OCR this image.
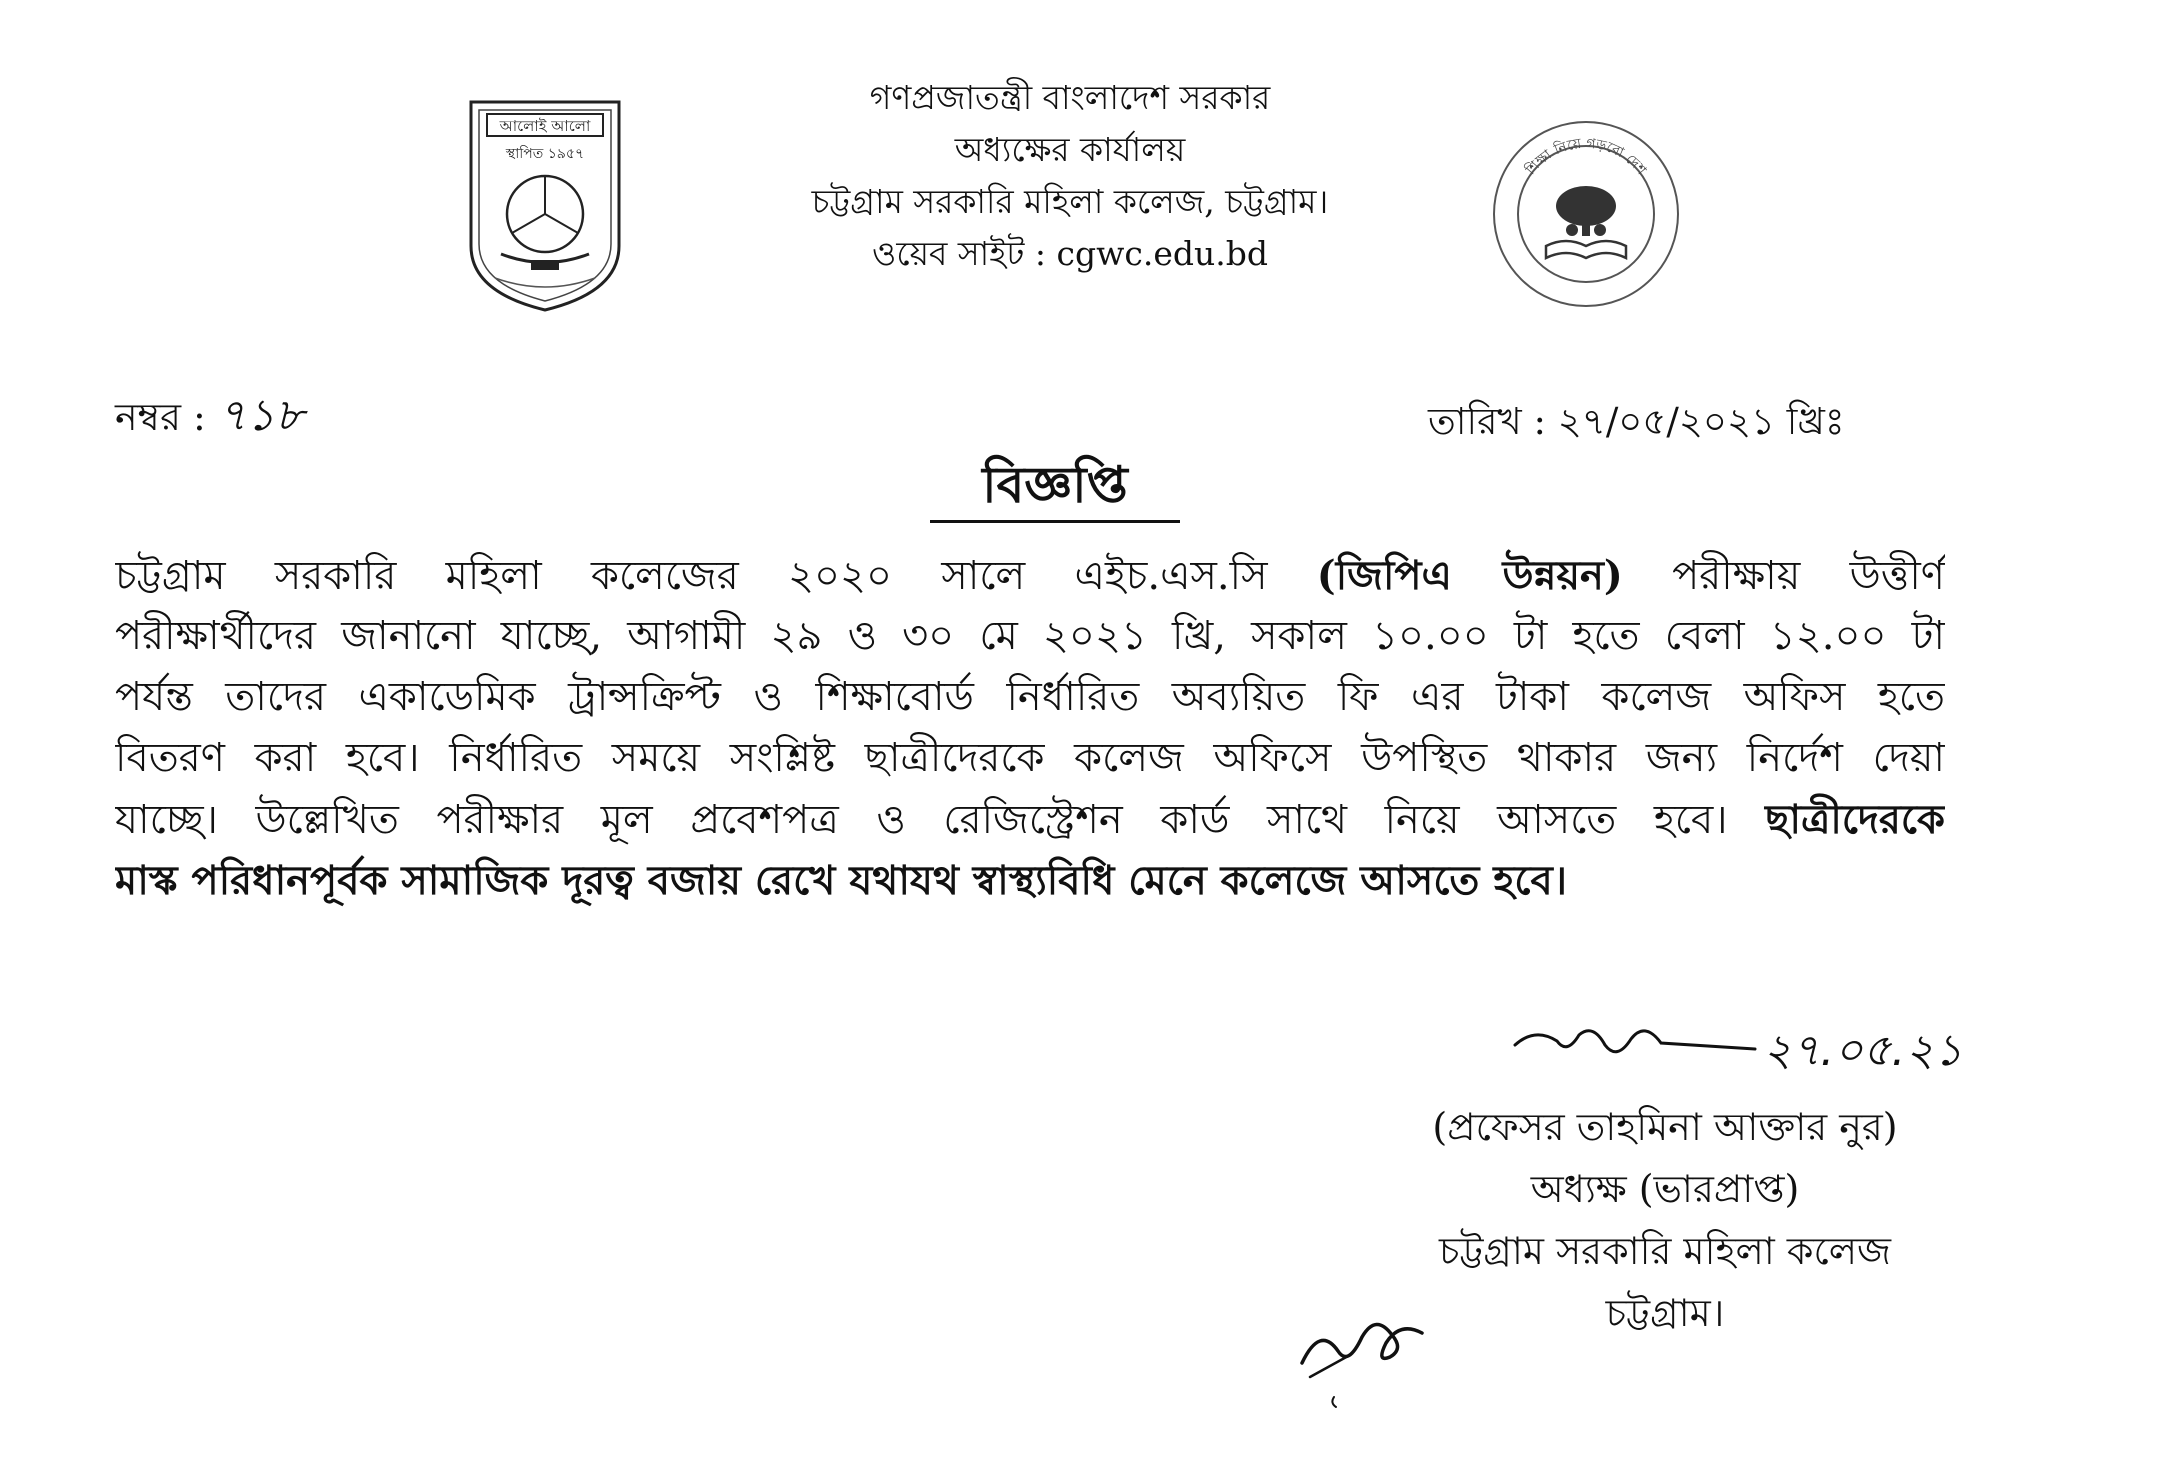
আলোই আলো
স্থাপিত ১৯৫৭
গণপ্রজাতন্ত্রী বাংলাদেশ সরকার
অধ্যক্ষের কার্যালয়
চট্টগ্রাম সরকারি মহিলা কলেজ, চট্টগ্রাম।
ওয়েব সাইট : cgwc.edu.bd
শিক্ষা নিয়ে গড়বো দেশ
নম্বর : ৭১৮	তারিখ : ২৭/০৫/২০২১ খ্রিঃ
বিজ্ঞপ্তি
চট্টগ্রাম সরকারি মহিলা কলেজের ২০২০ সালে এইচ.এস.সি (জিপিএ উন্নয়ন) পরীক্ষায় উত্তীর্ণ
পরীক্ষার্থীদের জানানো যাচ্ছে, আগামী ২৯ ও ৩০ মে ২০২১ খ্রি, সকাল ১০.০০ টা হতে বেলা ১২.০০ টা
পর্যন্ত তাদের একাডেমিক ট্রান্সক্রিপ্ট ও শিক্ষাবোর্ড নির্ধারিত অব্যয়িত ফি এর টাকা কলেজ অফিস হতে
বিতরণ করা হবে। নির্ধারিত সময়ে সংশ্লিষ্ট ছাত্রীদেরকে কলেজ অফিসে উপস্থিত থাকার জন্য নির্দেশ দেয়া
যাচ্ছে। উল্লেখিত পরীক্ষার মূল প্রবেশপত্র ও রেজিস্ট্রেশন কার্ড সাথে নিয়ে আসতে হবে। ছাত্রীদেরকে
মাস্ক পরিধানপূর্বক সামাজিক দূরত্ব বজায় রেখে যথাযথ স্বাস্থ্যবিধি মেনে কলেজে আসতে হবে।
২৭.০৫.২১
(প্রফেসর তাহমিনা আক্তার নুর)
অধ্যক্ষ (ভারপ্রাপ্ত)
চট্টগ্রাম সরকারি মহিলা কলেজ
চট্টগ্রাম।
